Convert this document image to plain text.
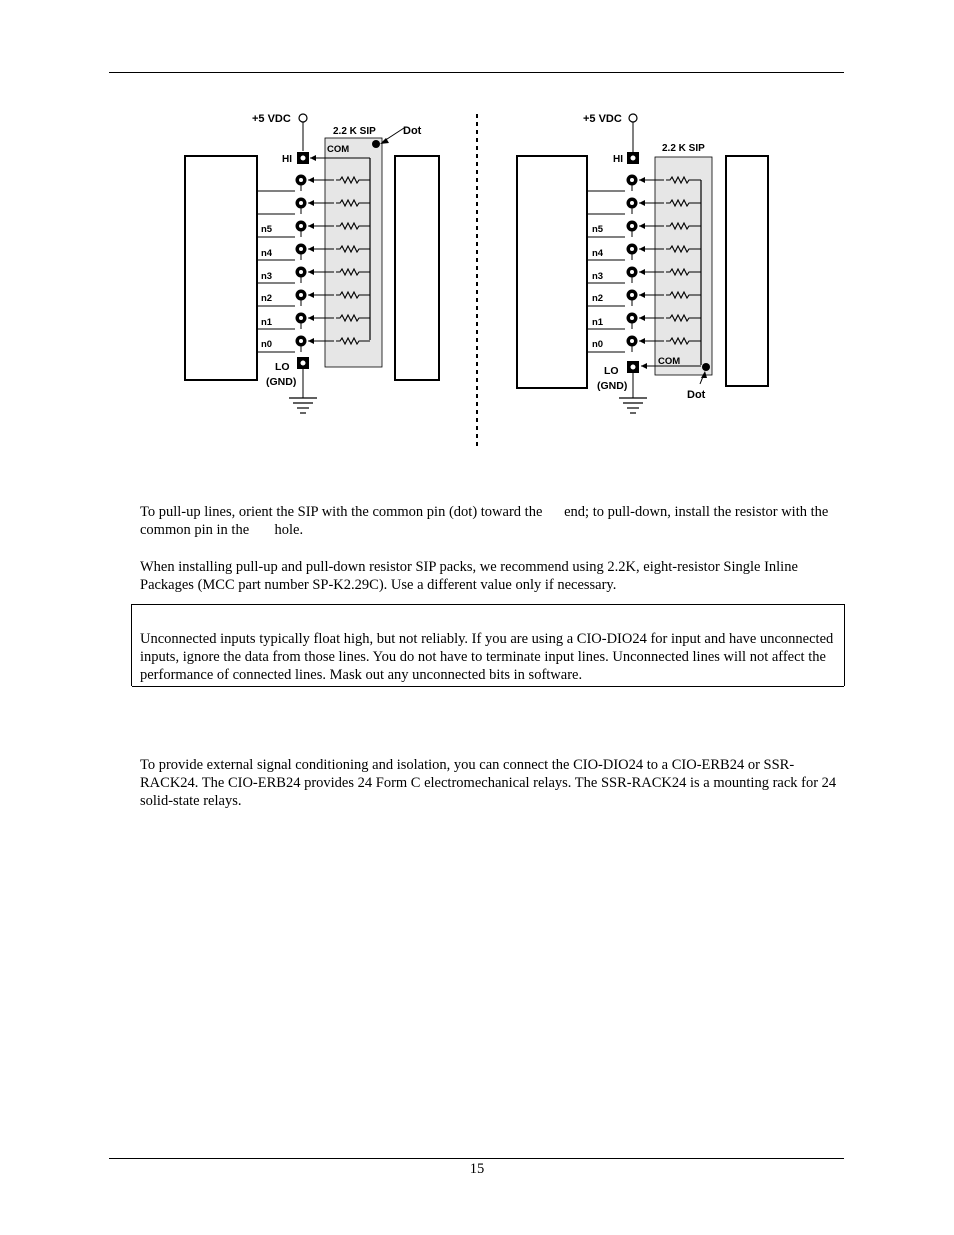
+5 VDC
2.2 K SIP Dot
COM
HI
n5
n4
n3
n2
n1
n0
LO
(GND)
+5 VDC
2.2 K SIP
COM
Dot
HI
n5
n4
n3
n2
n1
n0
LO
(GND)

To pull-up lines, orient the SIP with the common pin (dot) toward the      end; to pull-down, install the resistor with the common pin in the       hole.

When installing pull-up and pull-down resistor SIP packs, we recommend using 2.2K, eight-resistor Single Inline Packages (MCC part number SP-K2.29C). Use a different value only if necessary.

Unconnected inputs typically float high, but not reliably. If you are using a CIO-DIO24 for input and have unconnected inputs, ignore the data from those lines. You do not have to terminate input lines. Unconnected lines will not affect the performance of connected lines. Mask out any unconnected bits in software.

To provide external signal conditioning and isolation, you can connect the CIO-DIO24 to a CIO-ERB24 or SSR-RACK24. The CIO-ERB24 provides 24 Form C electromechanical relays. The SSR-RACK24 is a mounting rack for 24 solid-state relays.

15
